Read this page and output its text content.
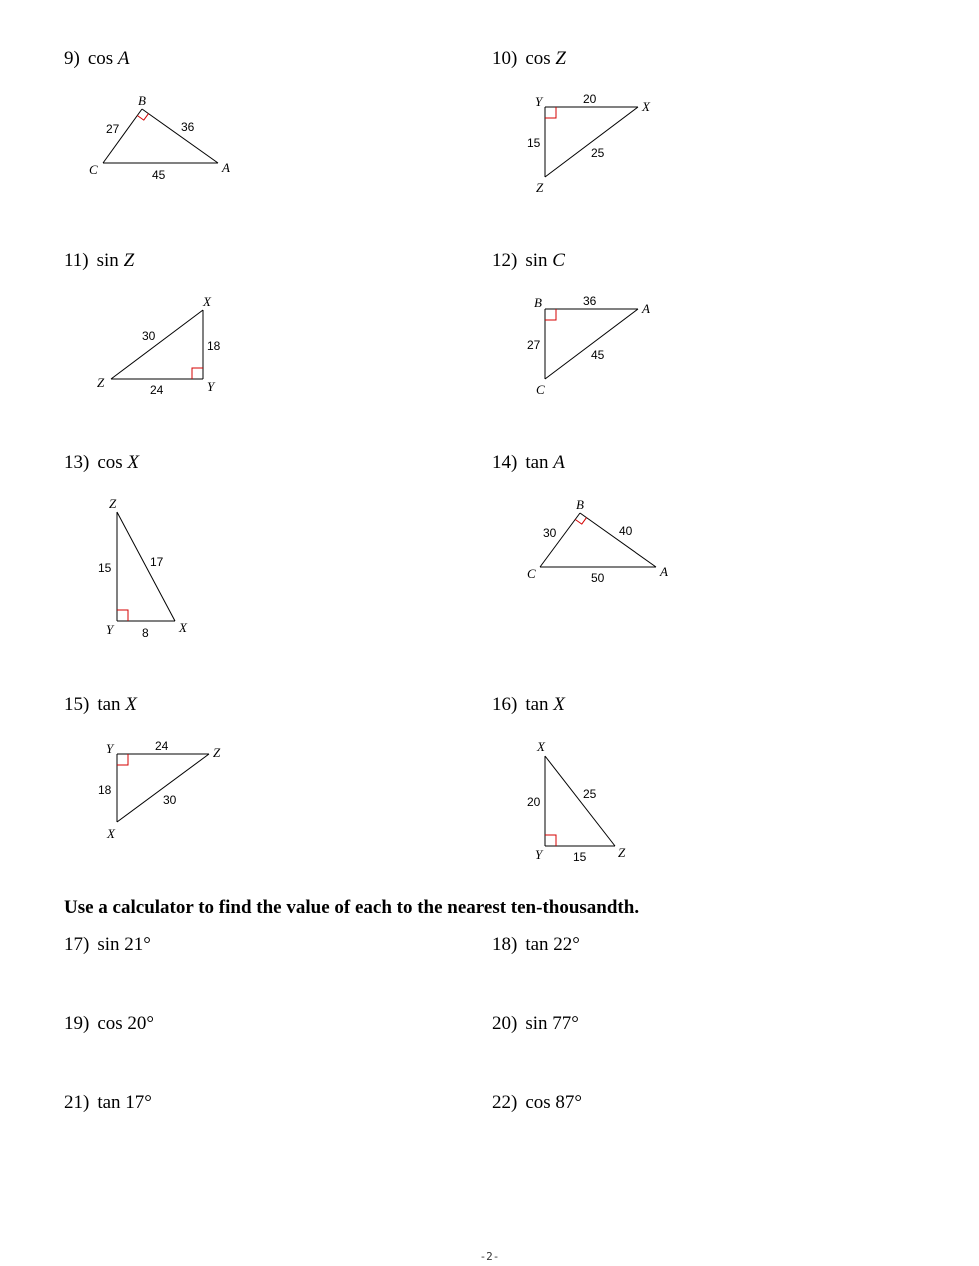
9) cos A	10) cos Z
11) sin Z	12) sin C
13) cos X	14) tan A
15) tan X	16) tan X
B
C	A
27	36
45
Y	X
Z
20
15
25
X
Z	Y
30
18
24
B	A
C
36
27
45
Z
Y	X
15	17
8
B
C	A
30	40
50
Y	Z
X
24
18
30
X
Y	Z
20
25
15
Use a calculator to find the value of each to the nearest ten-thousandth.
17) sin 21°	18) tan 22°
19) cos 20°	20) sin 77°
21) tan 17°	22) cos 87°
-2-
